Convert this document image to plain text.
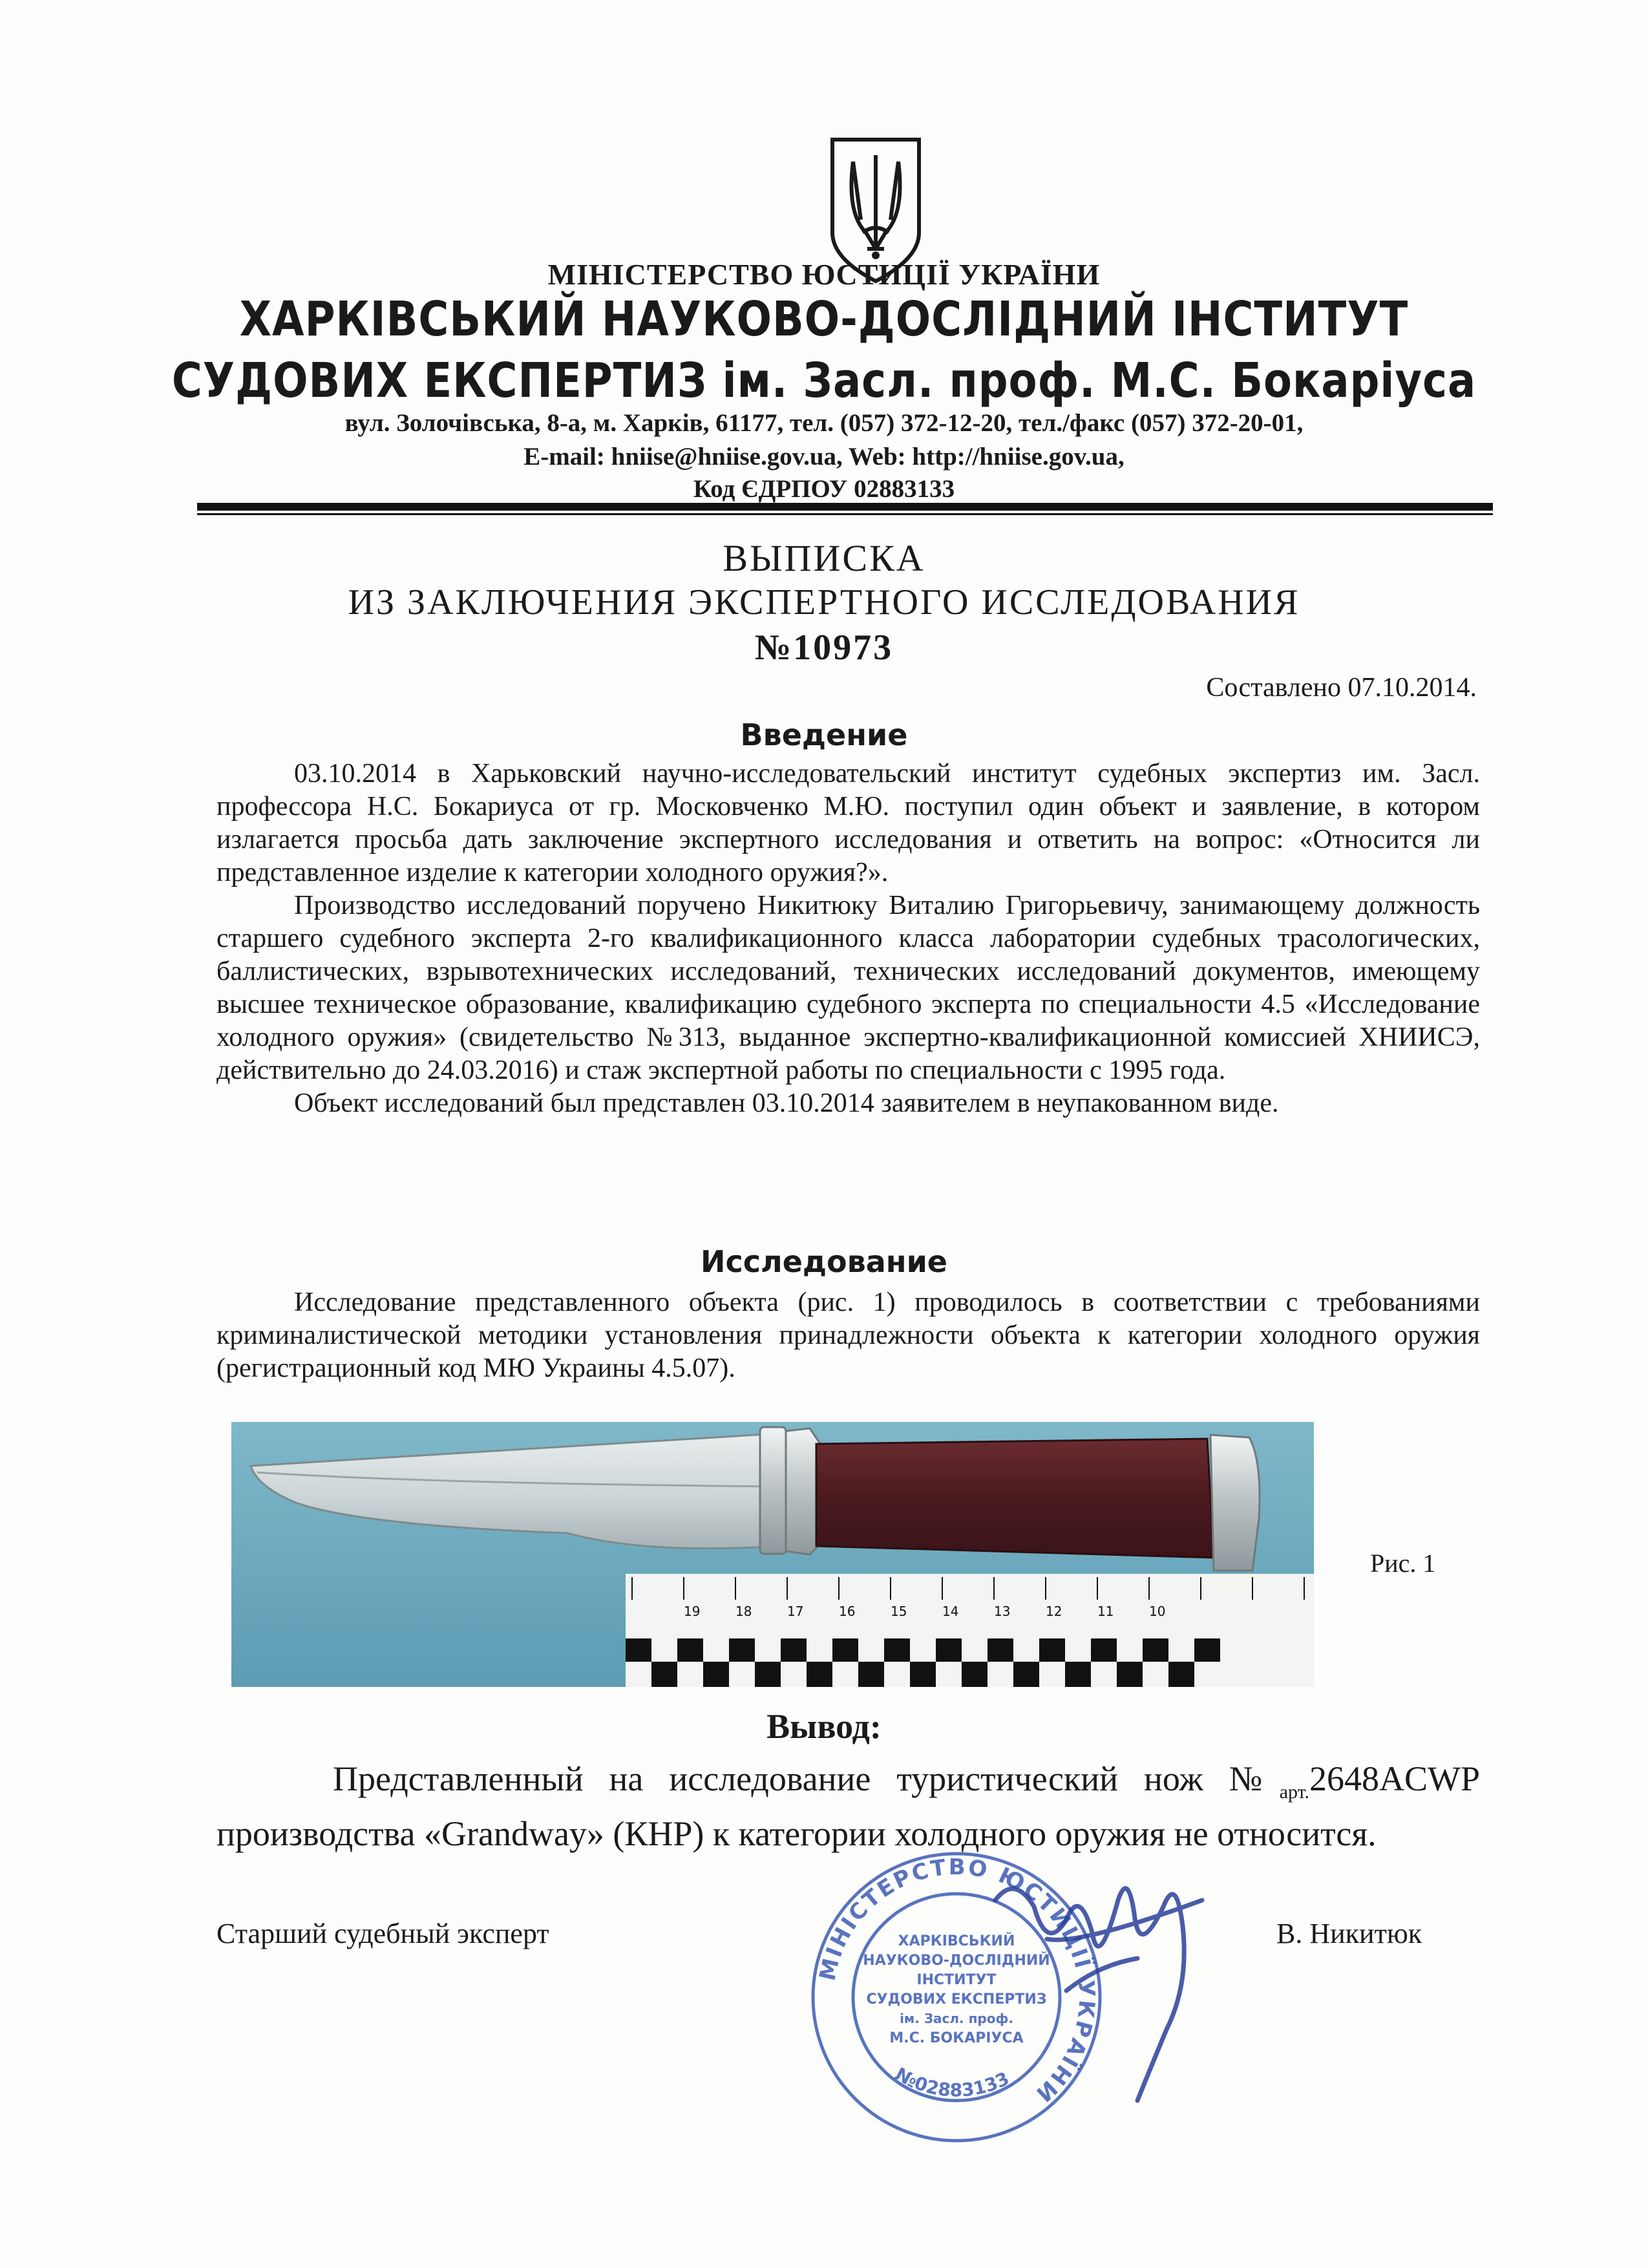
МІНІСТЕРСТВО ЮСТИЦІЇ УКРАЇНИ
ХАРКІВСЬКИЙ НАУКОВО-ДОСЛІДНИЙ ІНСТИТУТ
СУДОВИХ ЕКСПЕРТИЗ ім. Засл. проф. М.С. Бокаріуса
вул. Золочівська, 8-а, м. Харків, 61177, тел. (057) 372-12-20, тел./факс (057) 372-20-01,
E-mail: hniise@hniise.gov.ua, Web: http://hniise.gov.ua,
Код ЄДРПОУ 02883133
ВЫПИСКА
ИЗ ЗАКЛЮЧЕНИЯ ЭКСПЕРТНОГО ИССЛЕДОВАНИЯ
№10973
Составлено 07.10.2014.
Введение

03.10.2014 в Харьковский научно-исследовательский институт судебных экспертиз им. Засл. профессора Н.С. Бокариуса от гр. Московченко М.Ю. поступил один объект и заявление, в котором излагается просьба дать заключение экспертного исследования и ответить на вопрос: «Относится ли представленное изделие к категории холодного оружия?».

Производство исследований поручено Никитюку Виталию Григорьевичу, занимающему должность старшего судебного эксперта 2-го квалификационного класса лаборатории судебных трасологических, баллистических, взрывотехнических исследований, технических исследований документов, имеющему высшее техническое образование, квалификацию судебного эксперта по специальности 4.5 «Исследование холодного оружия» (свидетельство №313, выданное экспертно-квалификационной комиссией ХНИИСЭ, действительно до 24.03.2016) и стаж экспертной работы по специальности с 1995 года.

Объект исследований был представлен 03.10.2014 заявителем в неупакованном виде.

Исследование

Исследование представленного объекта (рис. 1) проводилось в соответствии с требованиями криминалистической методики установления принадлежности объекта к категории холодного оружия (регистрационный код МЮ Украины 4.5.07).

19	18	17	16	15	14	13	12	11	10
Рис. 1
Вывод:

Представленный на исследование туристический нож $№_{арт.}2648ACWP$ производства «Grandway» (КНР) к категории холодного оружия не относится.

МІНІСТЕРСТВО ЮСТИЦІЇ УКРАЇНИ
№02883133
ХАРКІВСЬКИЙ
НАУКОВО-ДОСЛІДНИЙ
ІНСТИТУТ
СУДОВИХ ЕКСПЕРТИЗ
ім. Засл. проф.
М.С. БОКАРІУСА
Старший судебный эксперт	В. Никитюк
